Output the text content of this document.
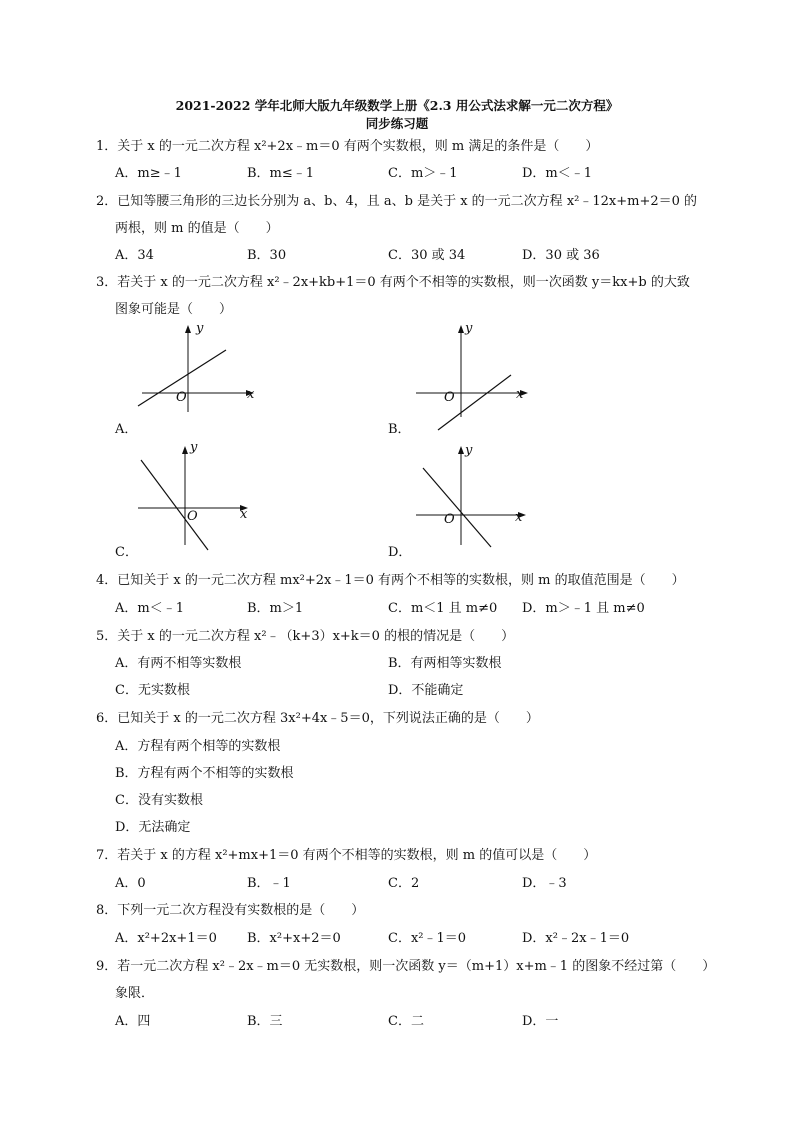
2021-2022 学年北师大版九年级数学上册《2.3 用公式法求解一元二次方程》
同步练习题
1．关于 x 的一元二次方程 x²+2x﹣m＝0 有两个实数根，则 m 满足的条件是（　　）
A．m≥﹣1	B．m≤﹣1	C．m＞﹣1	D．m＜﹣1
2．已知等腰三角形的三边长分别为 a、b、4，且 a、b 是关于 x 的一元二次方程 x²﹣12x+m+2＝0 的
两根，则 m 的值是（　　）
A．34	B．30	C．30 或 34	D．30 或 36
3．若关于 x 的一元二次方程 x²﹣2x+kb+1＝0 有两个不相等的实数根，则一次函数 y＝kx+b 的大致
图象可能是（　　）
y
x
O
A．
y
x
O
B．
y
x
O
C．
y
x
O
D．
4．已知关于 x 的一元二次方程 mx²+2x﹣1＝0 有两个不相等的实数根，则 m 的取值范围是（　　）
A．m＜﹣1	B．m＞1	C．m＜1 且 m≠0 D．m＞﹣1 且 m≠0
5．关于 x 的一元二次方程 x²﹣（k+3）x+k＝0 的根的情况是（　　）
A．有两不相等实数根	B．有两相等实数根
C．无实数根	D．不能确定
6．已知关于 x 的一元二次方程 3x²+4x﹣5＝0，下列说法正确的是（　　）
A．方程有两个相等的实数根
B．方程有两个不相等的实数根
C．没有实数根
D．无法确定
7．若关于 x 的方程 x²+mx+1＝0 有两个不相等的实数根，则 m 的值可以是（　　）
A．0	B．﹣1	C．2	D．﹣3
8．下列一元二次方程没有实数根的是（　　）
A．x²+2x+1＝0 B．x²+x+2＝0	C．x²﹣1＝0	D．x²﹣2x﹣1＝0
9．若一元二次方程 x²﹣2x﹣m＝0 无实数根，则一次函数 y＝（m+1）x+m﹣1 的图象不经过第（　　）
象限．
A．四	B．三	C．二	D．一
